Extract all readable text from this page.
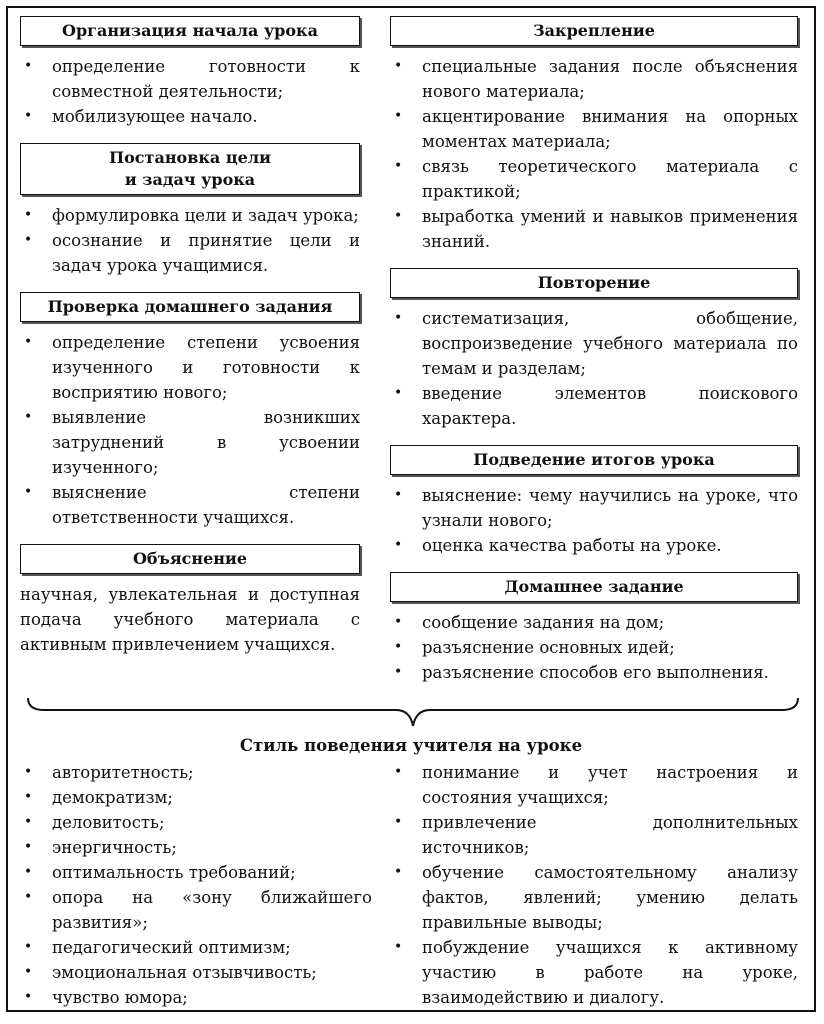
Организация начала урока
• определение готовности к совместной деятельности;
• мобилизующее начало.
Постановка цели
и задач урока
• формулировка цели и задач урока;
• осознание и принятие цели и задач урока учащимися.
Проверка домашнего задания
• определение степени усвоения изученного и готовности к восприятию нового;
• выявление возникших затруднений в усвоении изученного;
• выяснение степени ответственности учащихся.
Объяснение

научная, увлекательная и доступная подача учебного материала с активным привлечением учащихся.

Закрепление
• специальные задания после объяснения нового материала;
• акцентирование внимания на опорных моментах материала;
• связь теоретического материала с практикой;
• выработка умений и навыков применения знаний.
Повторение
• систематизация, обобщение, воспроизведение учебного материала по темам и разделам;
• введение элементов поискового характера.
Подведение итогов урока
• выяснение: чему научились на уроке, что узнали нового;
• оценка качества работы на уроке.
Домашнее задание
• сообщение задания на дом;
• разъяснение основных идей;
• разъяснение способов его выполнения.
Стиль поведения учителя на уроке
• авторитетность;
• демократизм;
• деловитость;
• энергичность;
• оптимальность требований;
• опора на «зону ближайшего развития»;
• педагогический оптимизм;
• эмоциональная отзывчивость;
• чувство юмора;
• понимание и учет настроения и состояния учащихся;
• привлечение дополнительных источников;
• обучение самостоятельному анализу фактов, явлений; умению делать правильные выводы;
• побуждение учащихся к активному участию в работе на уроке, взаимодействию и диалогу.
